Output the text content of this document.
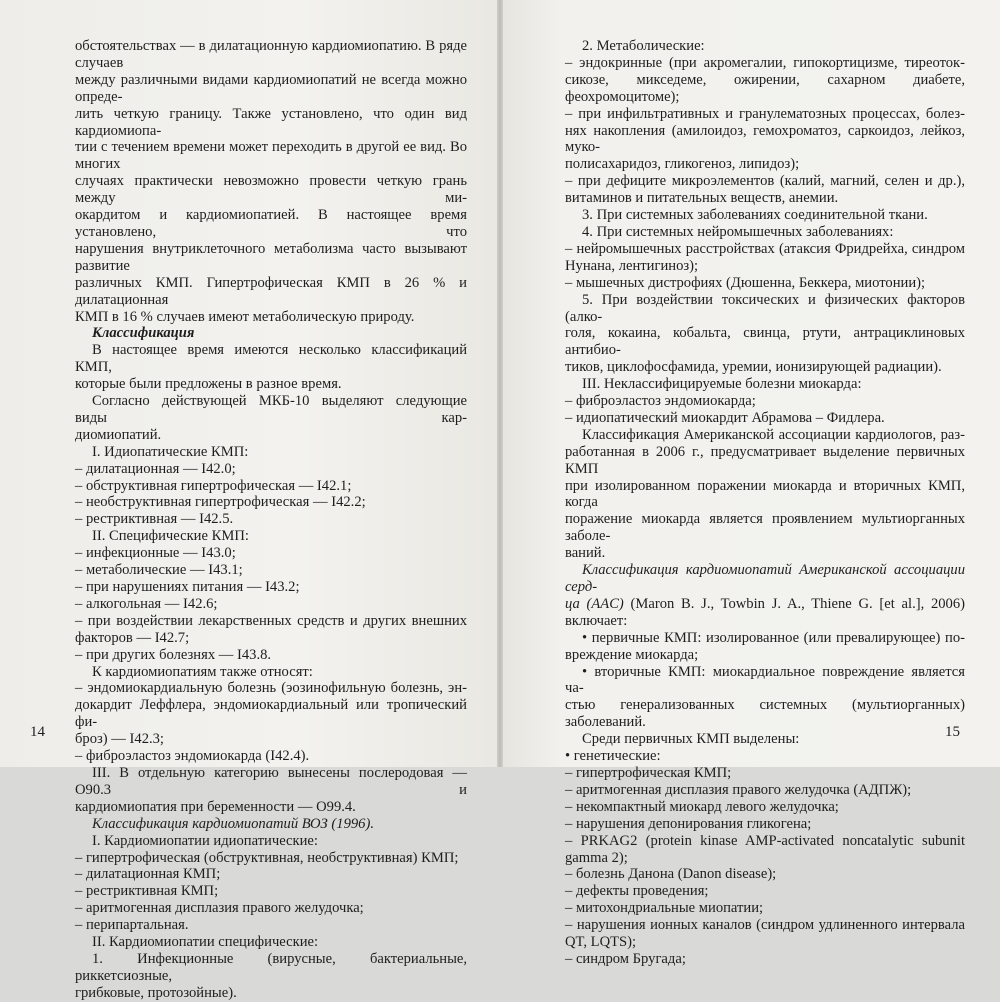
обстоятельствах — в дилатационную кардиомиопатию. В ряде случаев

между различными видами кардиомиопатий не всегда можно опреде-

лить четкую границу. Также установлено, что один вид кардиомиопа-

тии с течением времени может переходить в другой ее вид. Во многих

случаях практически невозможно провести четкую грань между ми-

окардитом и кардиомиопатией. В настоящее время установлено, что

нарушения внутриклеточного метаболизма часто вызывают развитие

различных КМП. Гипертрофическая КМП в 26 % и дилатационная

КМП в 16 % случаев имеют метаболическую природу.

Классификация

В настоящее время имеются несколько классификаций КМП,

которые были предложены в разное время.

Согласно действующей МКБ-10 выделяют следующие виды кар-

диомиопатий.

I. Идиопатические КМП:

– дилатационная — I42.0;

– обструктивная гипертрофическая — I42.1;

– необструктивная гипертрофическая — I42.2;

– рестриктивная — I42.5.

II. Специфические КМП:

– инфекционные — I43.0;

– метаболические — I43.1;

– при нарушениях питания — I43.2;

– алкогольная — I42.6;

– при воздействии лекарственных средств и других внешних

факторов — I42.7;

– при других болезнях — I43.8.

К кардиомиопатиям также относят:

– эндомиокардиальную болезнь (эозинофильную болезнь, эн-

докардит Леффлера, эндомиокардиальный или тропический фи-

броз) — I42.3;

– фиброэластоз эндомиокарда (I42.4).

III. В отдельную категорию вынесены послеродовая — O90.3 и

кардиомиопатия при беременности — O99.4.

Классификация кардиомиопатий ВОЗ (1996).

I. Кардиомиопатии идиопатические:

– гипертрофическая (обструктивная, необструктивная) КМП;

– дилатационная КМП;

– рестриктивная КМП;

– аритмогенная дисплазия правого желудочка;

– перипартальная.

II. Кардиомиопатии специфические:

1. Инфекционные (вирусные, бактериальные, риккетсиозные,

грибковые, протозойные).

14

2. Метаболические:

– эндокринные (при акромегалии, гипокортицизме, тиреоток-

сикозе, микседеме, ожирении, сахарном диабете, феохромоцитоме);

– при инфильтративных и гранулематозных процессах, болез-

нях накопления (амилоидоз, гемохроматоз, саркоидоз, лейкоз, муко-

полисахаридоз, гликогеноз, липидоз);

– при дефиците микроэлементов (калий, магний, селен и др.),

витаминов и питательных веществ, анемии.

3. При системных заболеваниях соединительной ткани.

4. При системных нейромышечных заболеваниях:

– нейромышечных расстройствах (атаксия Фридрейха, синдром

Нунана, лентигиноз);

– мышечных дистрофиях (Дюшенна, Беккера, миотонии);

5. При воздействии токсических и физических факторов (алко-

голя, кокаина, кобальта, свинца, ртути, антрациклиновых антибио-

тиков, циклофосфамида, уремии, ионизирующей радиации).

III. Неклассифицируемые болезни миокарда:

– фиброэластоз эндомиокарда;

– идиопатический миокардит Абрамова – Фидлера.

Классификация Американской ассоциации кардиологов, раз-

работанная в 2006 г., предусматривает выделение первичных КМП

при изолированном поражении миокарда и вторичных КМП, когда

поражение миокарда является проявлением мультиорганных заболе-

ваний.

Классификация кардиомиопатий Американской ассоциации серд-

ца (AAC) (Maron B. J., Towbin J. A., Thiene G. [et al.], 2006) включает:

• первичные КМП: изолированное (или превалирующее) по-

вреждение миокарда;

• вторичные КМП: миокардиальное повреждение является ча-

стью генерализованных системных (мультиорганных) заболеваний.

Среди первичных КМП выделены:

• генетические:

– гипертрофическая КМП;

– аритмогенная дисплазия правого желудочка (АДПЖ);

– некомпактный миокард левого желудочка;

– нарушения депонирования гликогена;

– PRKAG2 (protein kinase AMP-activated noncatalytic subunit

gamma 2);

– болезнь Данона (Danon disease);

– дефекты проведения;

– митохондриальные миопатии;

– нарушения ионных каналов (синдром удлиненного интервала

QT, LQTS);

– синдром Бругада;

15
